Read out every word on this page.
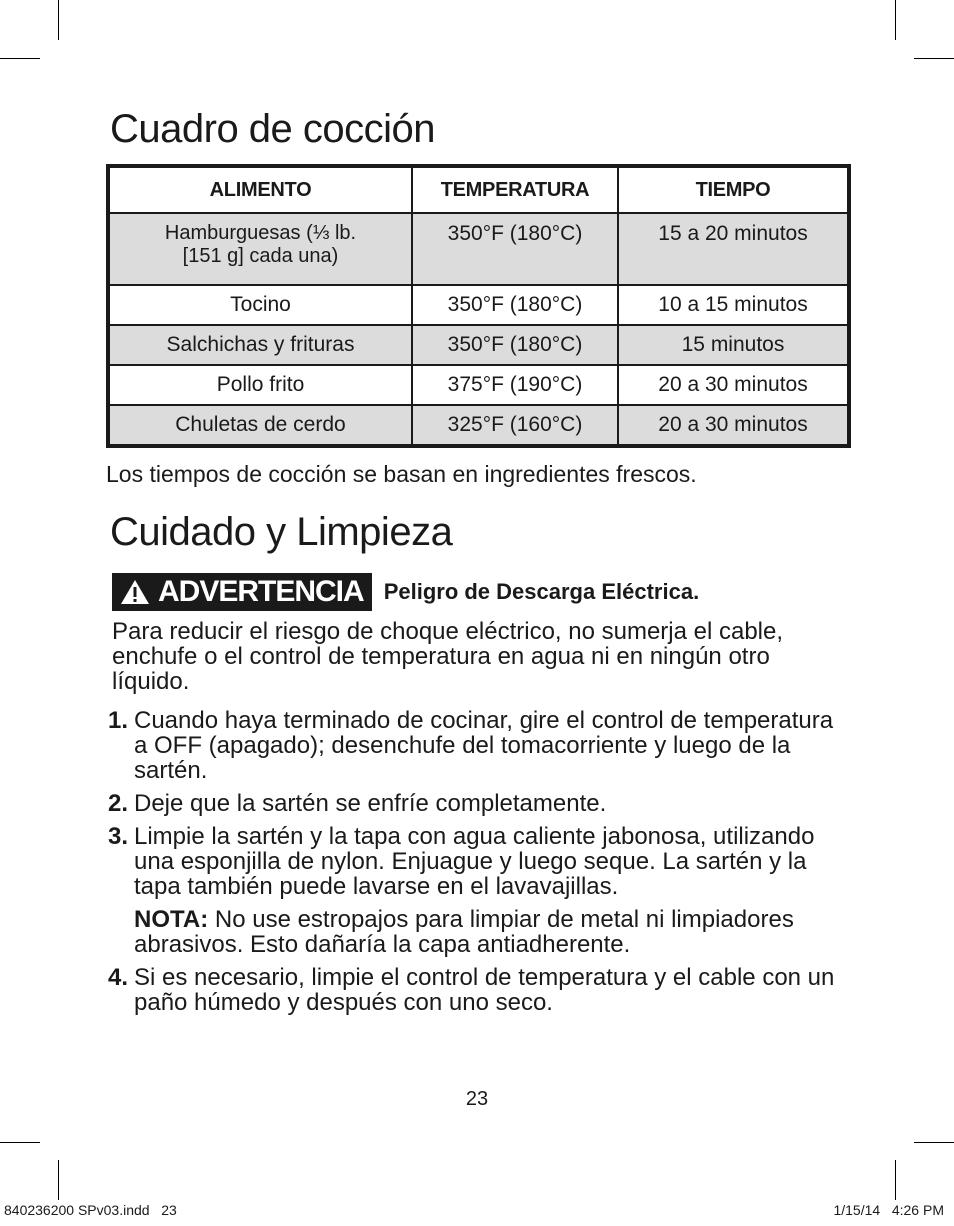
Cuadro de cocción
ALIMENTO	TEMPERATURA	TIEMPO
Hamburguesas (⅓ lb.
[151 g] cada una)	350°F (180°C)	15 a 20 minutos
Tocino	350°F (180°C)	10 a 15 minutos
Salchichas y frituras	350°F (180°C)	15 minutos
Pollo frito	375°F (190°C)	20 a 30 minutos
Chuletas de cerdo	325°F (160°C)	20 a 30 minutos

Los tiempos de cocción se basan en ingredientes frescos.

Cuidado y Limpieza
ADVERTENCIA Peligro de Descarga Eléctrica.

Para reducir el riesgo de choque eléctrico, no sumerja el cable, enchufe o el control de temperatura en agua ni en ningún otro líquido.

1. Cuando haya terminado de cocinar, gire el control de temperatura a OFF (apagado); desenchufe del tomacorriente y luego de la sartén.
2. Deje que la sartén se enfríe completamente.
3. Limpie la sartén y la tapa con agua caliente jabonosa, utilizando una esponjilla de nylon. Enjuague y luego seque. La sartén y la tapa también puede lavarse en el lavavajillas.
NOTA: No use estropajos para limpiar de metal ni limpiadores abrasivos. Esto dañaría la capa antiadherente.
4. Si es necesario, limpie el control de temperatura y el cable con un paño húmedo y después con uno seco.

23

840236200 SPv03.indd   23	1/15/14   4:26 PM
